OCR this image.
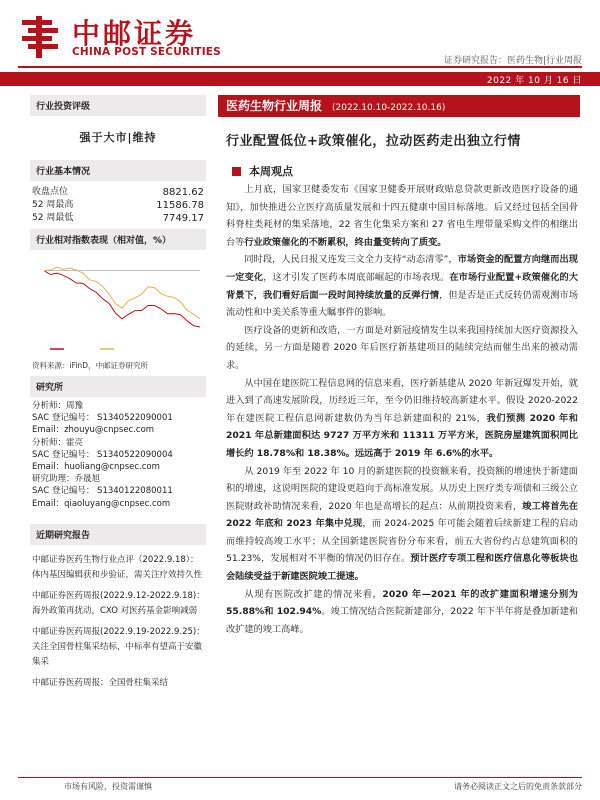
中邮证券
CHINA POST SECURITIES
证券研究报告：医药生物|行业周报
2022 年 10 月 16 日
行业投资评级
强于大市|维持
行业基本情况
收盘点位	8821.62
52 周最高	11586.78
52 周最低	7749.17
行业相对指数表现（相对值，%）
资料来源：iFinD，中邮证券研究所
研究所
分析师：周豫
SAC 登记编号： S1340522090001
Email：zhouyu@cnpsec.com
分析师：霍亮
SAC 登记编号： S1340522090004
Email：huoliang@cnpsec.com
研究助理：乔晟旭
SAC 登记编号： S1340122080011
Email：qiaoluyang@cnpsec.com
近期研究报告

中邮证券医药生物行业点评（2022.9.18）：体内基因编辑获和步验证，需关注疗效持久性

中邮证券医药周报(2022.9.12-2022.9.18)：海外政策再扰动，CXO 对医药基金影响减弱

中邮证券医药周报(2022.9.19-2022.9.25)：关注全国骨柱集采结标，中标率有望高于安徽集采

中邮证券医药周报：全国骨柱集采结

医药生物行业周报 (2022.10.10-2022.10.16)
行业配置低位+政策催化，拉动医药走出独立行情
本周观点

上月底，国家卫健委发布《国家卫健委开展财政贴息贷款更新改造医疗设备的通知》，加快推进公立医疗高质量发展和十四五健康中国目标落地。后又经过包括全国骨科脊柱类耗材的集采落地，22 省生化集采方案和 27 省电生理带量采购文件的相继出台等行业政策催化的不断累积，终由量变转向了质变。

同时段，人民日报又连发三文全力支持“动态清零”，市场资金的配置方向继而出现一定变化，这才引发了医药本周底部崛起的市场表现。在市场行业配置+政策催化的大背景下，我们看好后面一段时间持续放量的反弹行情，但是否是正式反转仍需观测市场流动性和中美关系等重大瞩事件的影响。

医疗设备的更新和改造，一方面是对新冠疫情发生以来我国持续加大医疗资源投入的延续，另一方面是随着 2020 年后医疗新基建项目的陆续完结而催生出来的被动需求。

从中国在建医院工程信息网的信息来看，医疗新基建从 2020 年新冠爆发开始，就进入到了高速发展阶段，历经近三年，至今仍旧维持较高新建水平。假设 2020-2022 年在建医院工程信息网新建数仍为当年总新建面积的 21%，我们预测 2020 年和 2021 年总新建面积达 9727 万平方米和 11311 万平方米，医院房屋建筑面积同比增长约 18.78%和 18.38%。远远高于 2019 年 6.6%的水平。

从 2019 年至 2022 年 10 月的新建医院的投资额来看，投资额的增速快于新建面积的增速，这说明医院的建设更趋向于高标准发展。从历史上医疗类专项债和三级公立医院财政补助情况来看，2020 年也是高增长的起点：从前期投资来看，竣工将首先在 2022 年底和 2023 年集中兑现，而 2024-2025 年可能会随着后续新建工程的启动而维持较高竣工水平；从全国新建医院省份分布来看，前五大省份约占总建筑面积的 51.23%，发展相对不平衡的情况仍旧存在。预计医疗专项工程和医疗信息化等板块也会陆续受益于新建医院竣工提速。

从现有医院改扩建的情况来看，2020 年—2021 年的改扩建面积增速分别为 55.88%和 102.94%。竣工情况结合医院新建部分，2022 年下半年将是叠加新建和改扩建的竣工高峰。

市场有风险，投资需谨慎	请务必阅读正文之后的免责条款部分
